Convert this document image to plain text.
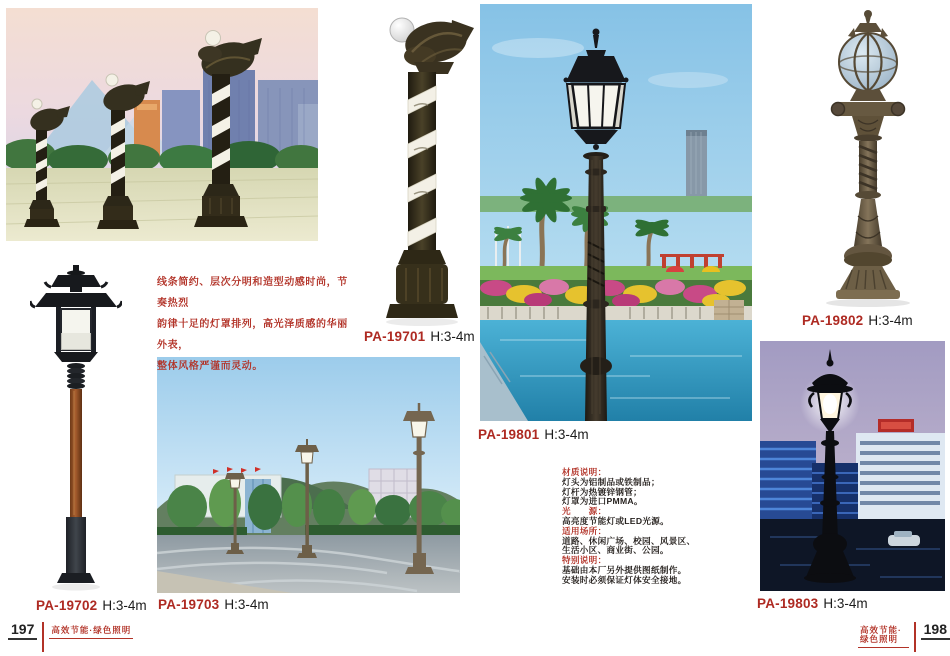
线条简约、层次分明和造型动感时尚，节奏热烈
韵律十足的灯罩排列，高光泽质感的华丽外表，
整体风格严谨而灵动。
PA-19701 H:3-4m
PA-19702 H:3-4m PA-19703 H:3-4m
197	高效节能·绿色照明
材质说明：
灯头为铝制品或铁制品；
灯杆为热镀锌钢管；
灯罩为进口PMMA。
光　　源：
高亮度节能灯或LED光源。
适用场所：
道路、休闲广场、校园、风景区、
生活小区、商业街、公园。
特别说明：
基础由本厂另外提供图纸制作。
安装时必须保证灯体安全接地。
PA-19801 H:3-4m
PA-19802 H:3-4m
PA-19803 H:3-4m
高效节能·绿色照明
198
